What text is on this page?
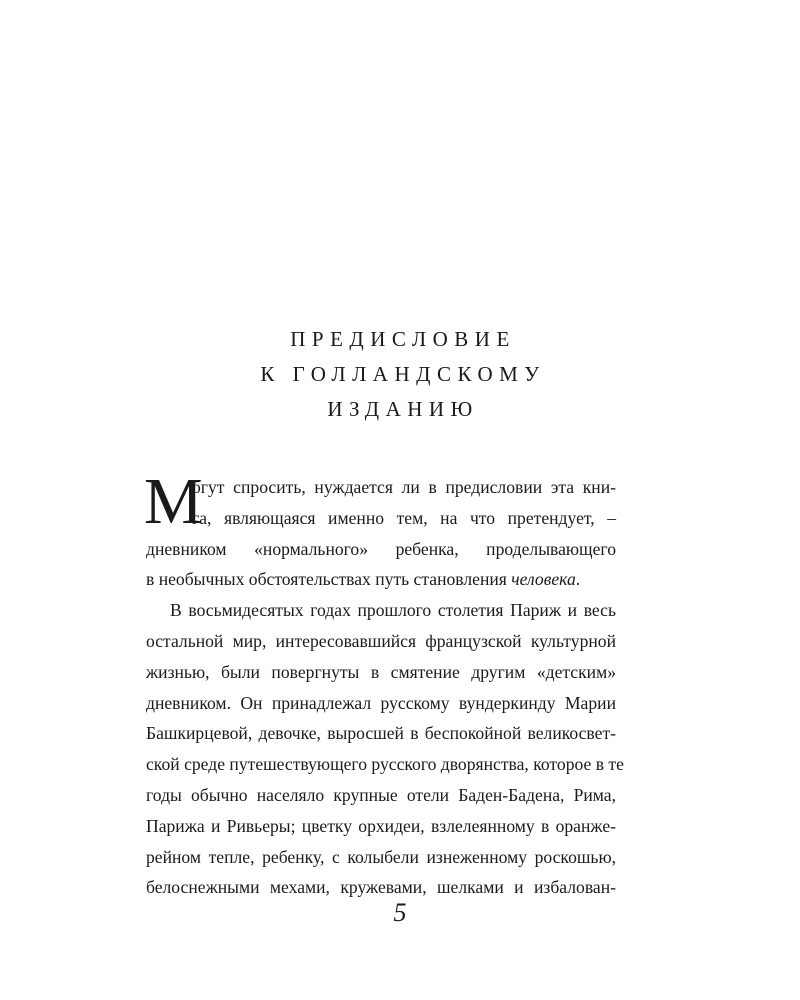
ПРЕДИСЛОВИЕ
К ГОЛЛАНДСКОМУ
ИЗДАНИЮ
М
огут спросить, нуждается ли в предисловии эта кни-
га, являющаяся именно тем, на что претендует, –
дневником «нормального» ребенка, проделывающего
в необычных обстоятельствах путь становления человека.
В восьмидесятых годах прошлого столетия Париж и весь
остальной мир, интересовавшийся французской культурной
жизнью, были повергнуты в смятение другим «детским»
дневником. Он принадлежал русскому вундеркинду Марии
Башкирцевой, девочке, выросшей в беспокойной великосвет-
ской среде путешествующего русского дворянства, которое в те
годы обычно населяло крупные отели Баден-Бадена, Рима,
Парижа и Ривьеры; цветку орхидеи, взлелеянному в оранже-
рейном тепле, ребенку, с колыбели изнеженному роскошью,
белоснежными мехами, кружевами, шелками и избалован-
5
